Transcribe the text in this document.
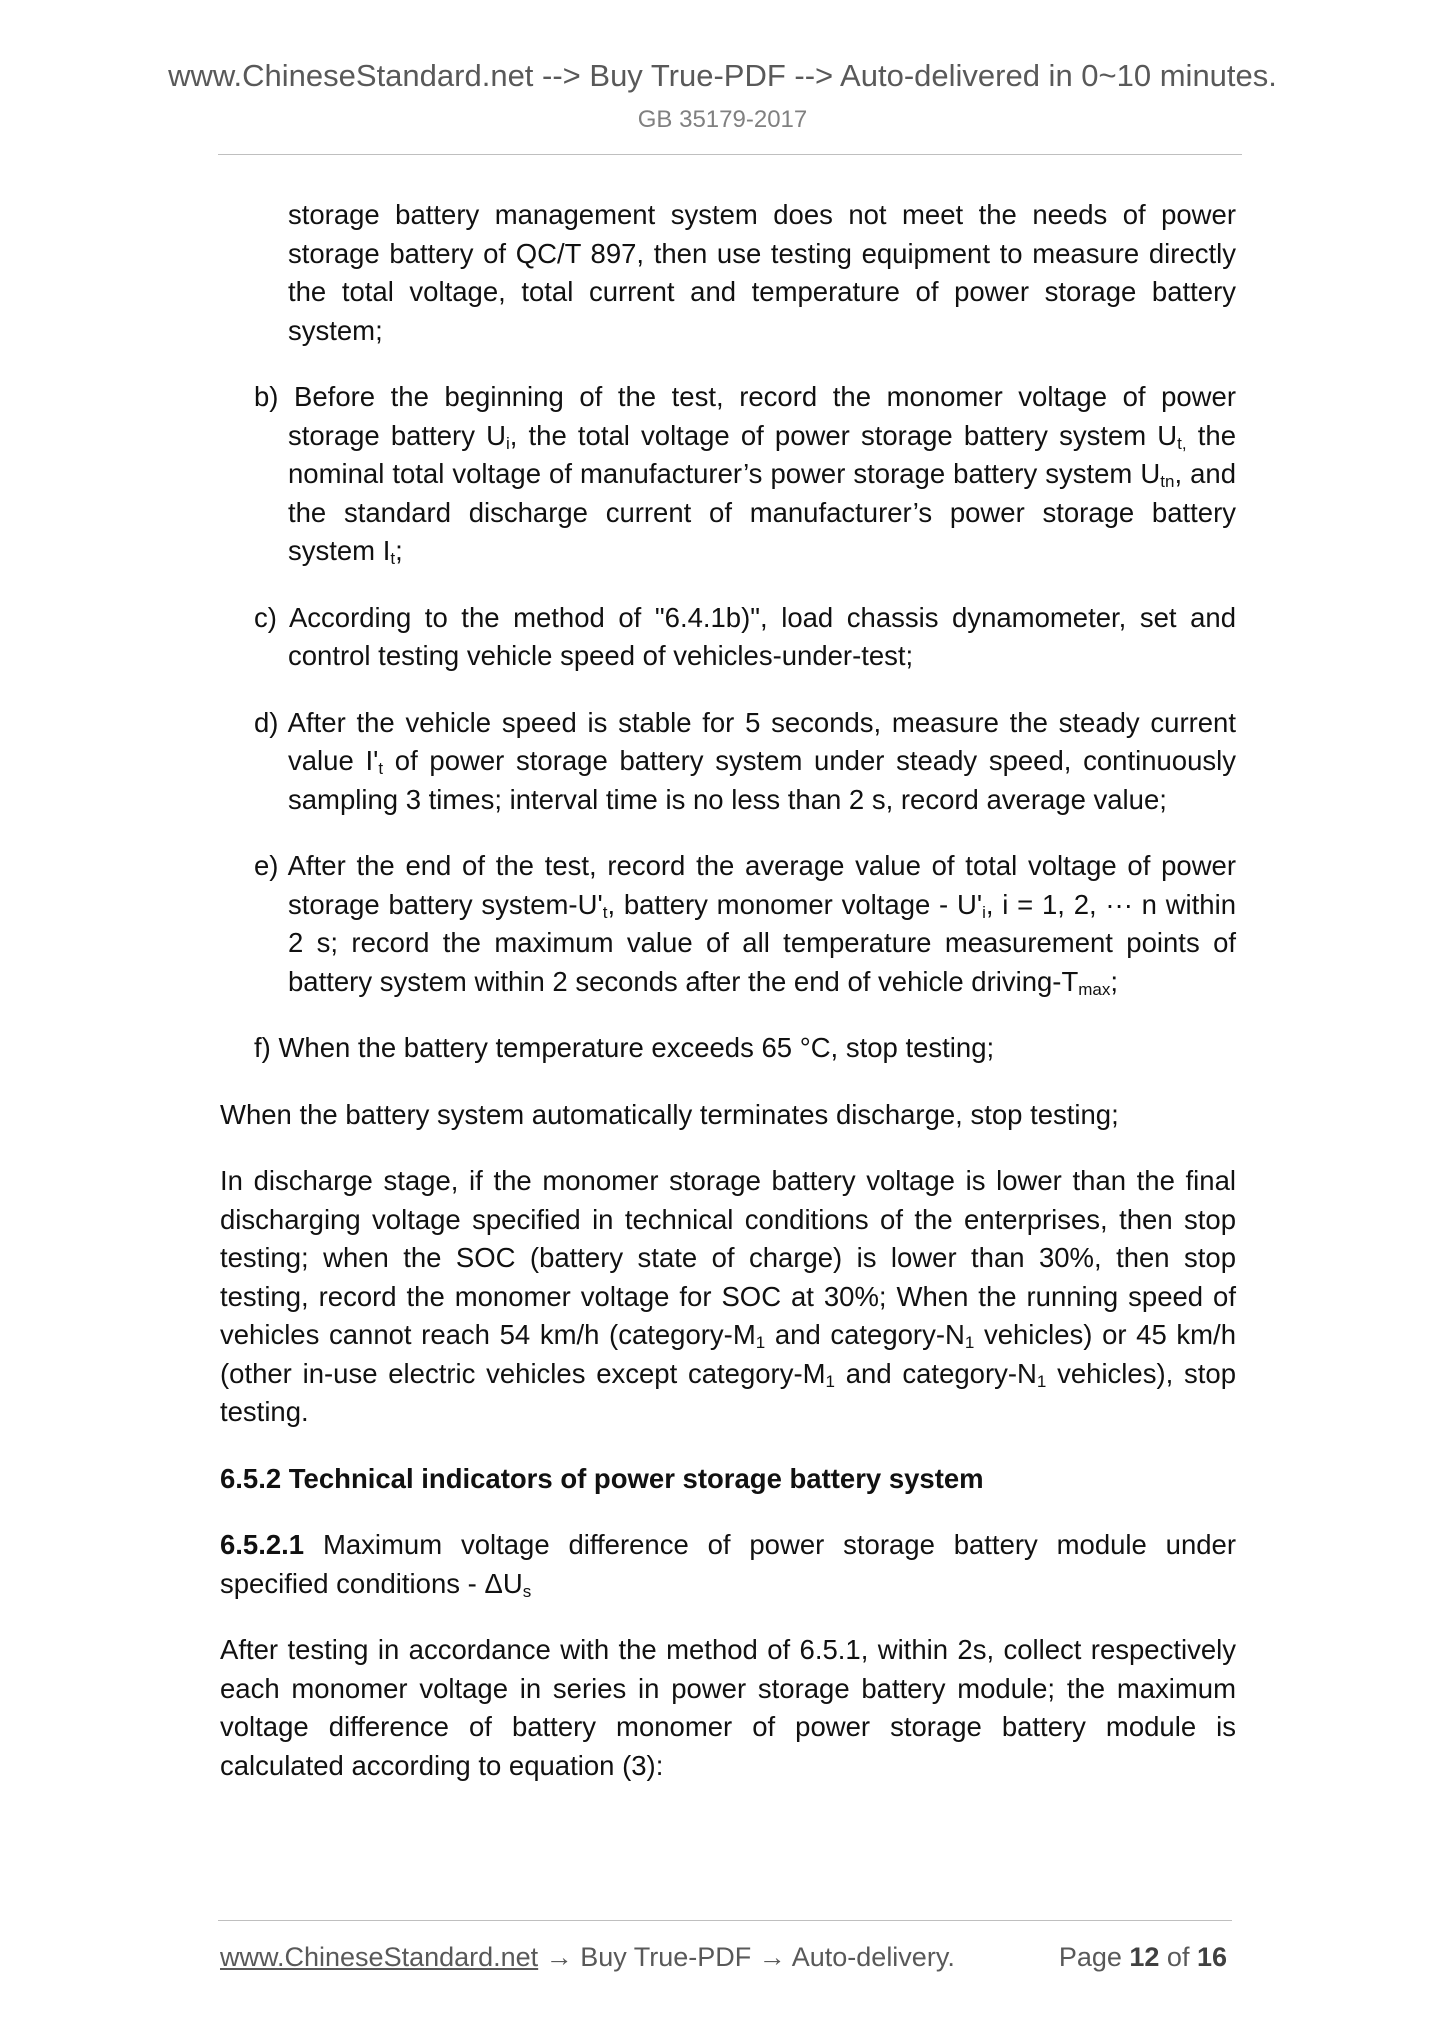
www.ChineseStandard.net --> Buy True-PDF --> Auto-delivered in 0~10 minutes.
GB 35179-2017

storage battery management system does not meet the needs of power storage battery of QC/T 897, then use testing equipment to measure directly the total voltage, total current and temperature of power storage battery system;

b) Before the beginning of the test, record the monomer voltage of power storage battery $U_i$, the total voltage of power storage battery system $U_{t,}$ the nominal total voltage of manufacturer’s power storage battery system $U_{tn}$, and the standard discharge current of manufacturer’s power storage battery system $I_t$;

c) According to the method of "6.4.1b)", load chassis dynamometer, set and control testing vehicle speed of vehicles-under-test;

d) After the vehicle speed is stable for 5 seconds, measure the steady current value $I'_t$ of power storage battery system under steady speed, continuously sampling 3 times; interval time is no less than 2 s, record average value;

e) After the end of the test, record the average value of total voltage of power storage battery system-$U'_t$, battery monomer voltage - $U'_i$, i = 1, 2, ··· n within 2 s; record the maximum value of all temperature measurement points of battery system within 2 seconds after the end of vehicle driving-$T_{max}$;

f) When the battery temperature exceeds 65 °C, stop testing;

When the battery system automatically terminates discharge, stop testing;

In discharge stage, if the monomer storage battery voltage is lower than the final discharging voltage specified in technical conditions of the enterprises, then stop testing; when the SOC (battery state of charge) is lower than 30%, then stop testing, record the monomer voltage for SOC at 30%; When the running speed of vehicles cannot reach 54 km/h ($category-M_1$ and category-$N_1$ vehicles) or 45 km/h (other in-use electric vehicles except category-$M_1$ and category-$N_1$ vehicles), stop testing.

6.5.2 Technical indicators of power storage battery system

6.5.2.1 Maximum voltage difference of power storage battery module under specified conditions - $\Delta U_s$

After testing in accordance with the method of 6.5.1, within 2s, collect respectively each monomer voltage in series in power storage battery module; the maximum voltage difference of battery monomer of power storage battery module is calculated according to equation (3):

www.ChineseStandard.net → Buy True-PDF → Auto-delivery.	Page 12 of 16
